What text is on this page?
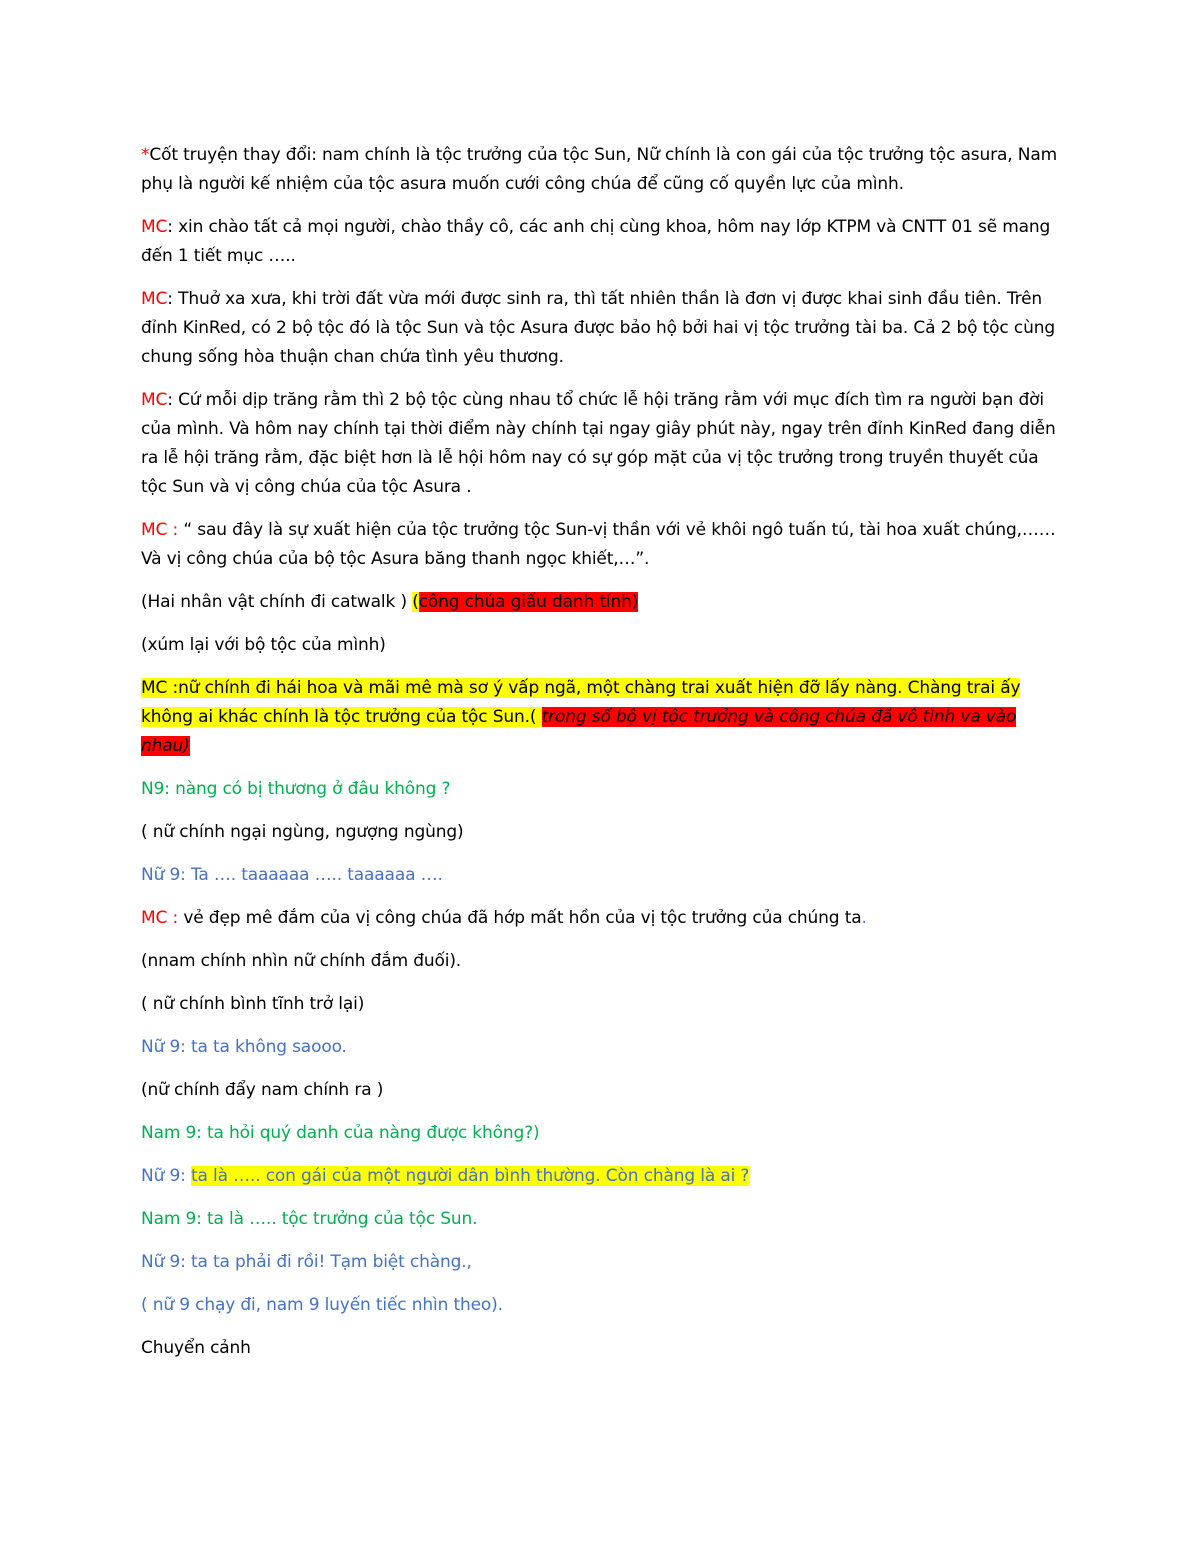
*Cốt truyện thay đổi: nam chính là tộc trưởng của tộc Sun, Nữ chính là con gái của tộc trưởng tộc asura, Nam phụ là người kế nhiệm của tộc asura muốn cưới công chúa để cũng cố quyền lực của mình.

MC: xin chào tất cả mọi người, chào thầy cô, các anh chị cùng khoa, hôm nay lớp KTPM và CNTT 01 sẽ mang đến 1 tiết mục …..

MC: Thuở xa xưa, khi trời đất vừa mới được sinh ra, thì tất nhiên thần là đơn vị được khai sinh đầu tiên. Trên đỉnh KinRed, có 2 bộ tộc đó là tộc Sun và tộc Asura được bảo hộ bởi hai vị tộc trưởng tài ba. Cả 2 bộ tộc cùng chung sống hòa thuận chan chứa tình yêu thương.

MC: Cứ mỗi dịp trăng rằm thì 2 bộ tộc cùng nhau tổ chức lễ hội trăng rằm với mục đích tìm ra người bạn đời của mình. Và hôm nay chính tại thời điểm này chính tại ngay giây phút này, ngay trên đỉnh KinRed đang diễn ra lễ hội trăng rằm, đặc biệt hơn là lễ hội hôm nay có sự góp mặt của vị tộc trưởng trong truyền thuyết của tộc Sun và vị công chúa của tộc Asura .

MC : “ sau đây là sự xuất hiện của tộc trưởng tộc Sun-vị thần với vẻ khôi ngô tuấn tú, tài hoa xuất chúng,…… Và vị công chúa của bộ tộc Asura băng thanh ngọc khiết,…”.

(Hai nhân vật chính đi catwalk ) (công chúa giấu danh tính)

(xúm lại với bộ tộc của mình)

MC :nữ chính đi hái hoa và mãi mê mà sơ ý vấp ngã, một chàng trai xuất hiện đỡ lấy nàng. Chàng trai ấy không ai khác chính là tộc trưởng của tộc Sun.( trong số bộ vị tộc trưởng và công chúa đã vô tình va vào nhau)

N9: nàng có bị thương ở đâu không ?

( nữ chính ngại ngùng, ngượng ngùng)

Nữ 9: Ta …. taaaaaa ….. taaaaaa ….

MC : vẻ đẹp mê đắm của vị công chúa đã hớp mất hồn của vị tộc trưởng của chúng ta.

(nnam chính nhìn nữ chính đắm đuối).

( nữ chính bình tĩnh trở lại)

Nữ 9: ta ta không saooo.

(nữ chính đẩy nam chính ra )

Nam 9: ta hỏi quý danh của nàng được không?)

Nữ 9: ta là ….. con gái của một người dân bình thường. Còn chàng là ai ?

Nam 9: ta là ….. tộc trưởng của tộc Sun.

Nữ 9: ta ta phải đi rồi! Tạm biệt chàng.,

( nữ 9 chạy đi, nam 9 luyến tiếc nhìn theo).

Chuyển cảnh
